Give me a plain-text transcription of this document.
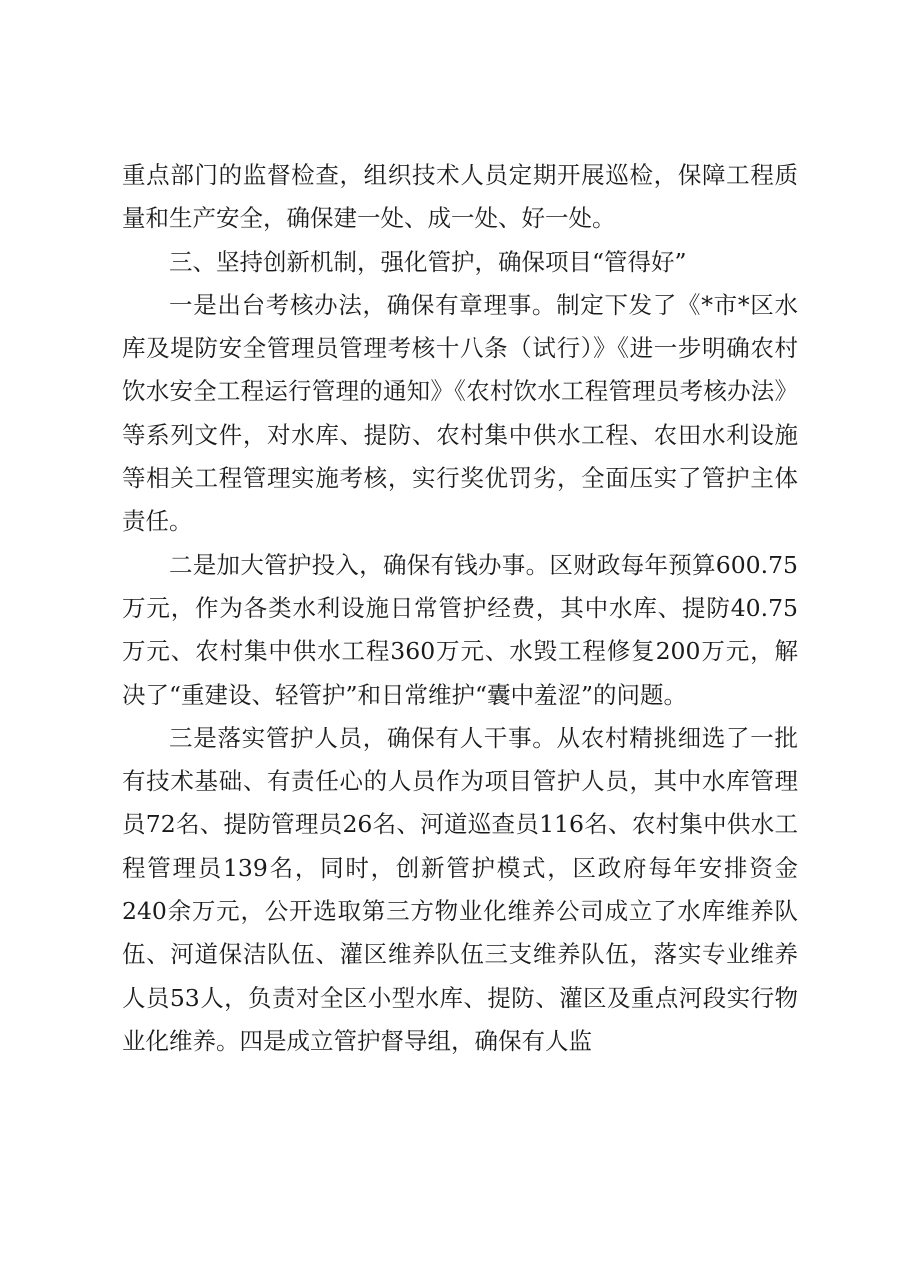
重点部门的监督检查，组织技术人员定期开展巡检，保障工程质量和生产安全，确保建一处、成一处、好一处。

三、坚持创新机制，强化管护，确保项目“管得好”

一是出台考核办法，确保有章理事。制定下发了《*市*区水库及堤防安全管理员管理考核十八条（试行）》《进一步明确农村饮水安全工程运行管理的通知》《农村饮水工程管理员考核办法》等系列文件，对水库、提防、农村集中供水工程、农田水利设施等相关工程管理实施考核，实行奖优罚劣，全面压实了管护主体责任。

二是加大管护投入，确保有钱办事。区财政每年预算600.75万元，作为各类水利设施日常管护经费，其中水库、提防40.75万元、农村集中供水工程360万元、水毁工程修复200万元，解决了“重建设、轻管护”和日常维护“囊中羞涩”的问题。

三是落实管护人员，确保有人干事。从农村精挑细选了一批有技术基础、有责任心的人员作为项目管护人员，其中水库管理员72名、提防管理员26名、河道巡查员116名、农村集中供水工程管理员139名，同时，创新管护模式，区政府每年安排资金240余万元，公开选取第三方物业化维养公司成立了水库维养队伍、河道保洁队伍、灌区维养队伍三支维养队伍，落实专业维养人员53人，负责对全区小型水库、提防、灌区及重点河段实行物业化维养。四是成立管护督导组，确保有人监
